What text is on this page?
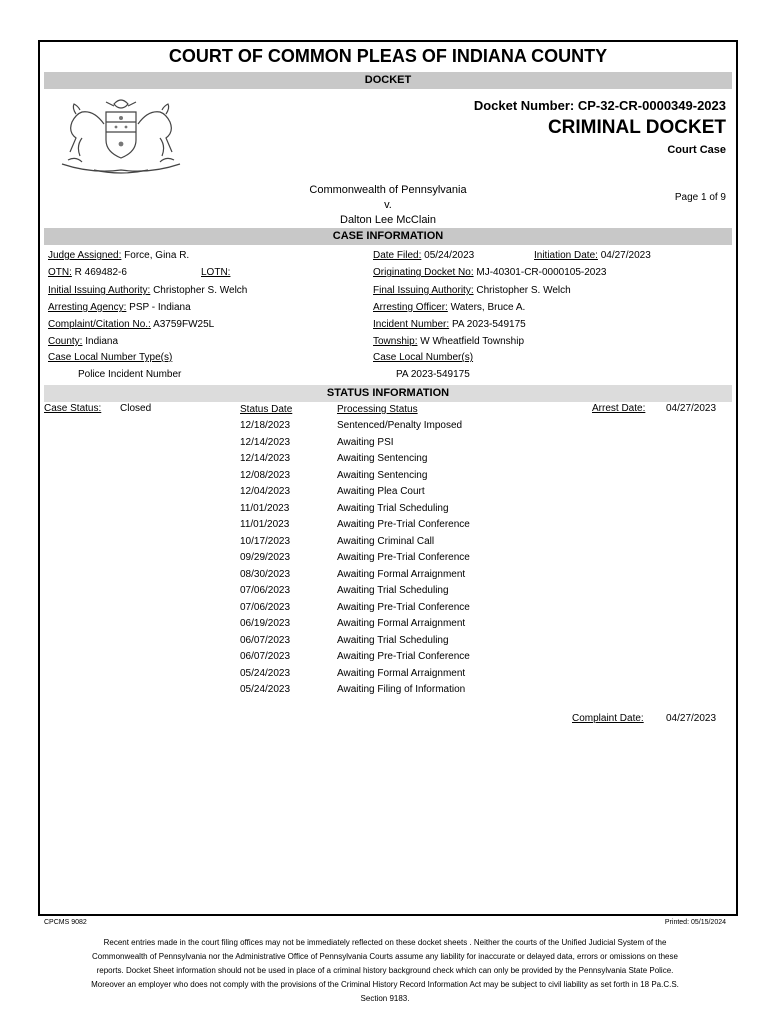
COURT OF COMMON PLEAS OF INDIANA COUNTY
DOCKET
Docket Number: CP-32-CR-0000349-2023
CRIMINAL DOCKET
Court Case
Commonwealth of Pennsylvania
v.
Dalton Lee McClain
Page 1 of 9
CASE INFORMATION
Judge Assigned: Force, Gina R.
OTN: R 469482-6	LOTN:
Initial Issuing Authority: Christopher S. Welch
Arresting Agency: PSP - Indiana
Complaint/Citation No.: A3759FW25L
County: Indiana
Case Local Number Type(s)
Police Incident Number
Date Filed: 05/24/2023	Initiation Date: 04/27/2023
Originating Docket No: MJ-40301-CR-0000105-2023
Final Issuing Authority: Christopher S. Welch
Arresting Officer: Waters, Bruce A.
Incident Number: PA 2023-549175
Township: W Wheatfield Township
Case Local Number(s)
PA 2023-549175
STATUS INFORMATION
Case Status: Closed	Status Date	Processing Status	Arrest Date: 04/27/2023
12/18/2023	Sentenced/Penalty Imposed
12/14/2023	Awaiting PSI
12/14/2023	Awaiting Sentencing
12/08/2023	Awaiting Sentencing
12/04/2023	Awaiting Plea Court
11/01/2023	Awaiting Trial Scheduling
11/01/2023	Awaiting Pre-Trial Conference
10/17/2023	Awaiting Criminal Call
09/29/2023	Awaiting Pre-Trial Conference
08/30/2023	Awaiting Formal Arraignment
07/06/2023	Awaiting Trial Scheduling
07/06/2023	Awaiting Pre-Trial Conference
06/19/2023	Awaiting Formal Arraignment
06/07/2023	Awaiting Trial Scheduling
06/07/2023	Awaiting Pre-Trial Conference
05/24/2023	Awaiting Formal Arraignment
05/24/2023	Awaiting Filing of Information
Complaint Date: 04/27/2023
CPCMS 9082	Printed: 05/15/2024
Recent entries made in the court filing offices may not be immediately reflected on these docket sheets . Neither the courts of the Unified Judicial System of the Commonwealth of Pennsylvania nor the Administrative Office of Pennsylvania Courts assume any liability for inaccurate or delayed data, errors or omissions on these reports. Docket Sheet information should not be used in place of a criminal history background check which can only be provided by the Pennsylvania State Police. Moreover an employer who does not comply with the provisions of the Criminal History Record Information Act may be subject to civil liability as set forth in 18 Pa.C.S. Section 9183.
